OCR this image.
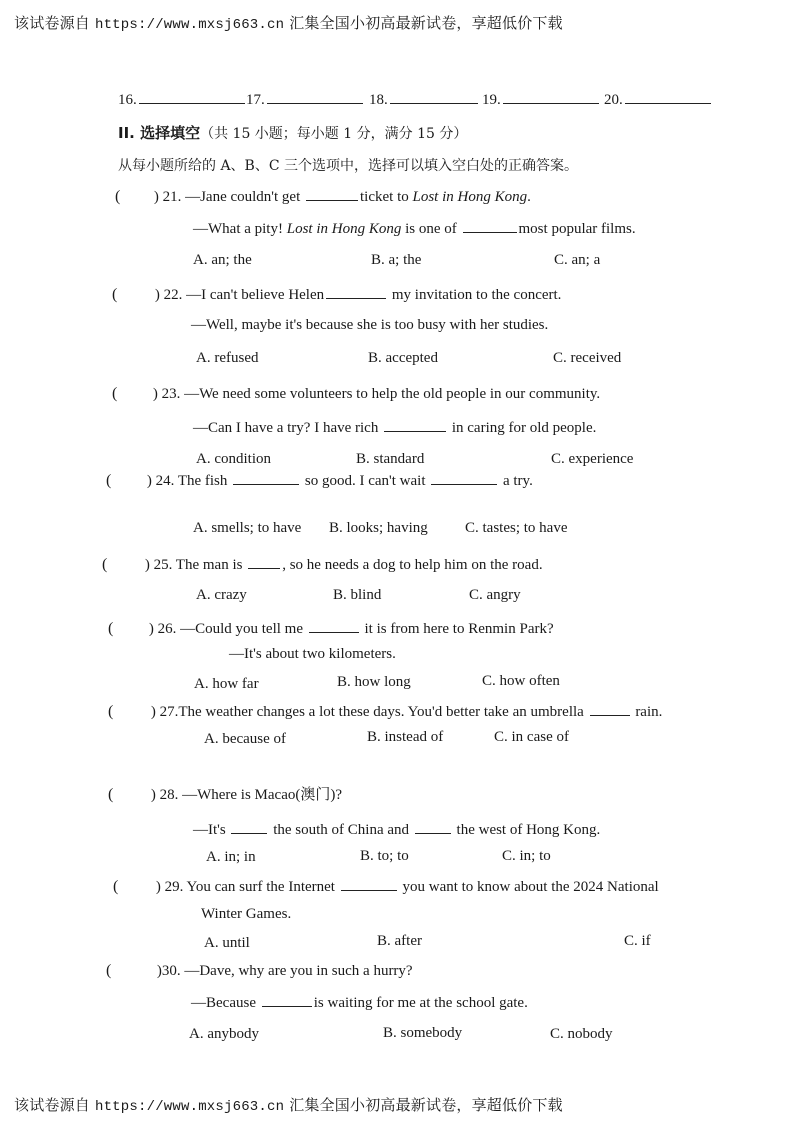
该试卷源自 https://www.mxsj663.cn 汇集全国小初高最新试卷，享超低价下载
16.	17.	18.	19.	20.
II. 选择填空（共 15 小题；每小题 1 分，满分 15 分）
从每小题所给的 A、B、C 三个选项中，选择可以填入空白处的正确答案。
( ) 21. —Jane couldn't get	ticket to Lost in Hong Kong.
—What a pity! Lost in Hong Kong is one of	most popular films.
A. an; the	B. a; the	C. an; a
(	) 22. —I can't believe Helen	my invitation to the concert.
—Well, maybe it's because she is too busy with her studies.
A. refused	B. accepted	C. received
( ) 23. —We need some volunteers to help the old people in our community.
—Can I have a try? I have rich	in caring for old people.
A. condition	B. standard	C. experience
( ) 24. The fish	so good. I can't wait	a try.
A. smells; to have B. looks; having C. tastes; to have
(	) 25. The man is	, so he needs a dog to help him on the road.
A. crazy	B. blind	C. angry
( ) 26. —Could you tell me	it is from here to Renmin Park?
—It's about two kilometers.
A. how far	B. how long	C. how often
(	) 27.The weather changes a lot these days. You'd better take an umbrella	rain.
A. because of	B. instead of	C. in case of
(	) 28. —Where is Macao(澳门)?
—It's	the south of China and	the west of Hong Kong.
A. in; in	B. to; to	C. in; to
(	) 29. You can surf the Internet	you want to know about the 2024 National
Winter Games.
A. until	B. after	C. if
(	)30. —Dave, why are you in such a hurry?
—Because	is waiting for me at the school gate.
A. anybody	B. somebody	C. nobody
该试卷源自 https://www.mxsj663.cn 汇集全国小初高最新试卷，享超低价下载
